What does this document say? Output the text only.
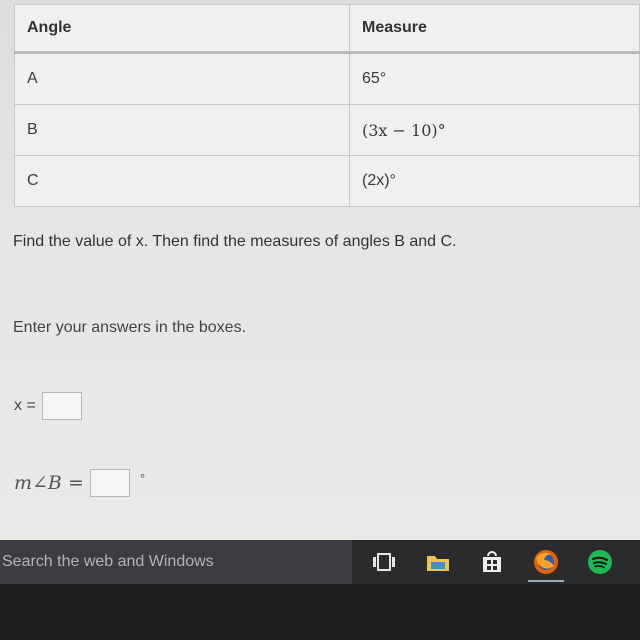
Angle	Measure
A	65°
B	(3x − 10)°
C	(2x)°
Find the value of x. Then find the measures of angles B and C.
Enter your answers in the boxes.
x =
m∠B =	°
Search the web and Windows
